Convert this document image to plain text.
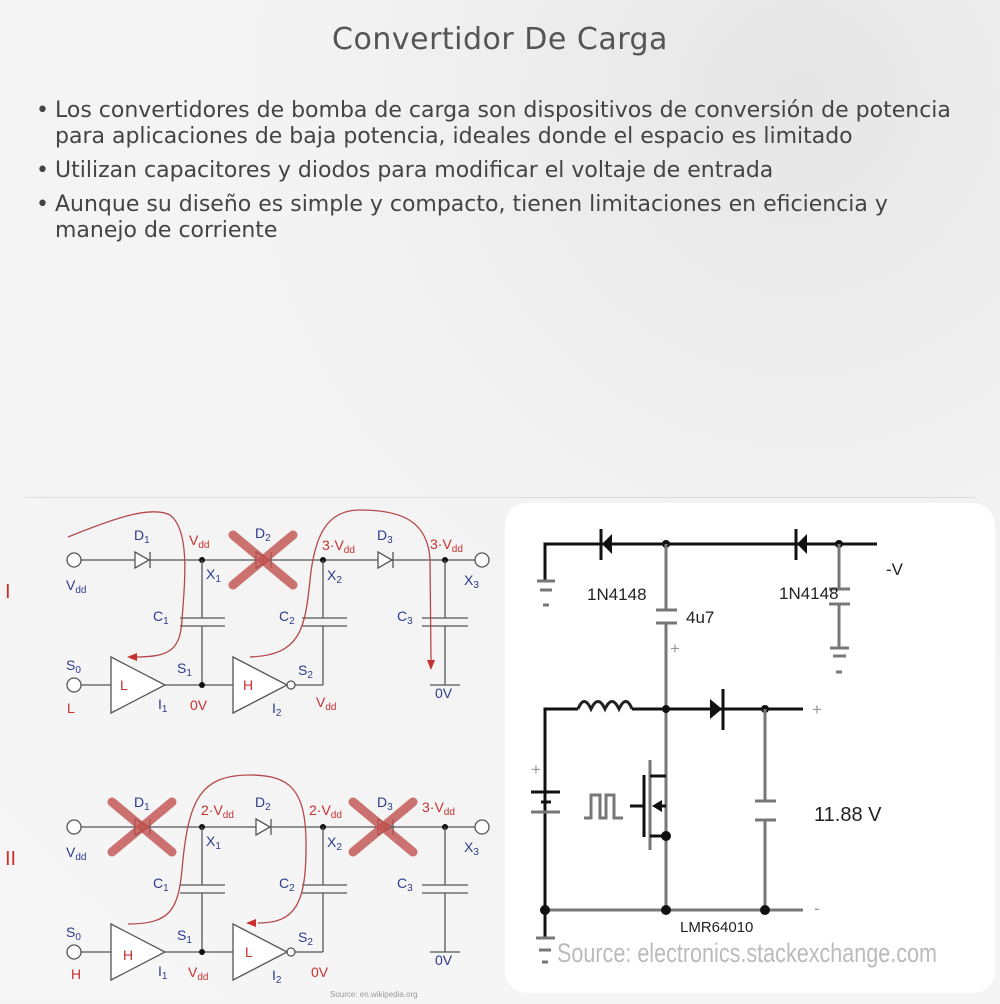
Convertidor De Carga
• Los convertidores de bomba de carga son dispositivos de conversión de potencia para aplicaciones de baja potencia, ideales donde el espacio es limitado
• Utilizan capacitores y diodos para modificar el voltaje de entrada
• Aunque su diseño es simple y compacto, tienen limitaciones en eficiencia y manejo de corriente
I	$V_{dd}$
$D_1$	$D_2$	$D_3$
$V_{dd}$	$3\cdot V_{dd}$	$3\cdot V_{dd}$
$X_1$	$X_2$	$X_3$
$C_1$	$C_2$	$C_3$
$S_0$
L
L	H
$I_1$	$I_2$
$S_1$
0V
$S_2$
$V_{dd}$
0V
II	$V_{dd}$
$D_1$	$D_2$	$D_3$
$2\cdot V_{dd}$	$2\cdot V_{dd}$
$3\cdot V_{dd}$
$X_1$	$X_2$	$X_3$
$C_1$	$C_2$	$C_3$
$S_0$
H
H	L
$I_1$	$I_2$
$S_1$
$V_{dd}$
$S_2$
0V
0V
Source: en.wikipedia.org
1N4148	1N4148
4u7
-V
+
+
+
-
11.88 V
LMR64010
Source: electronics.stackexchange.com
